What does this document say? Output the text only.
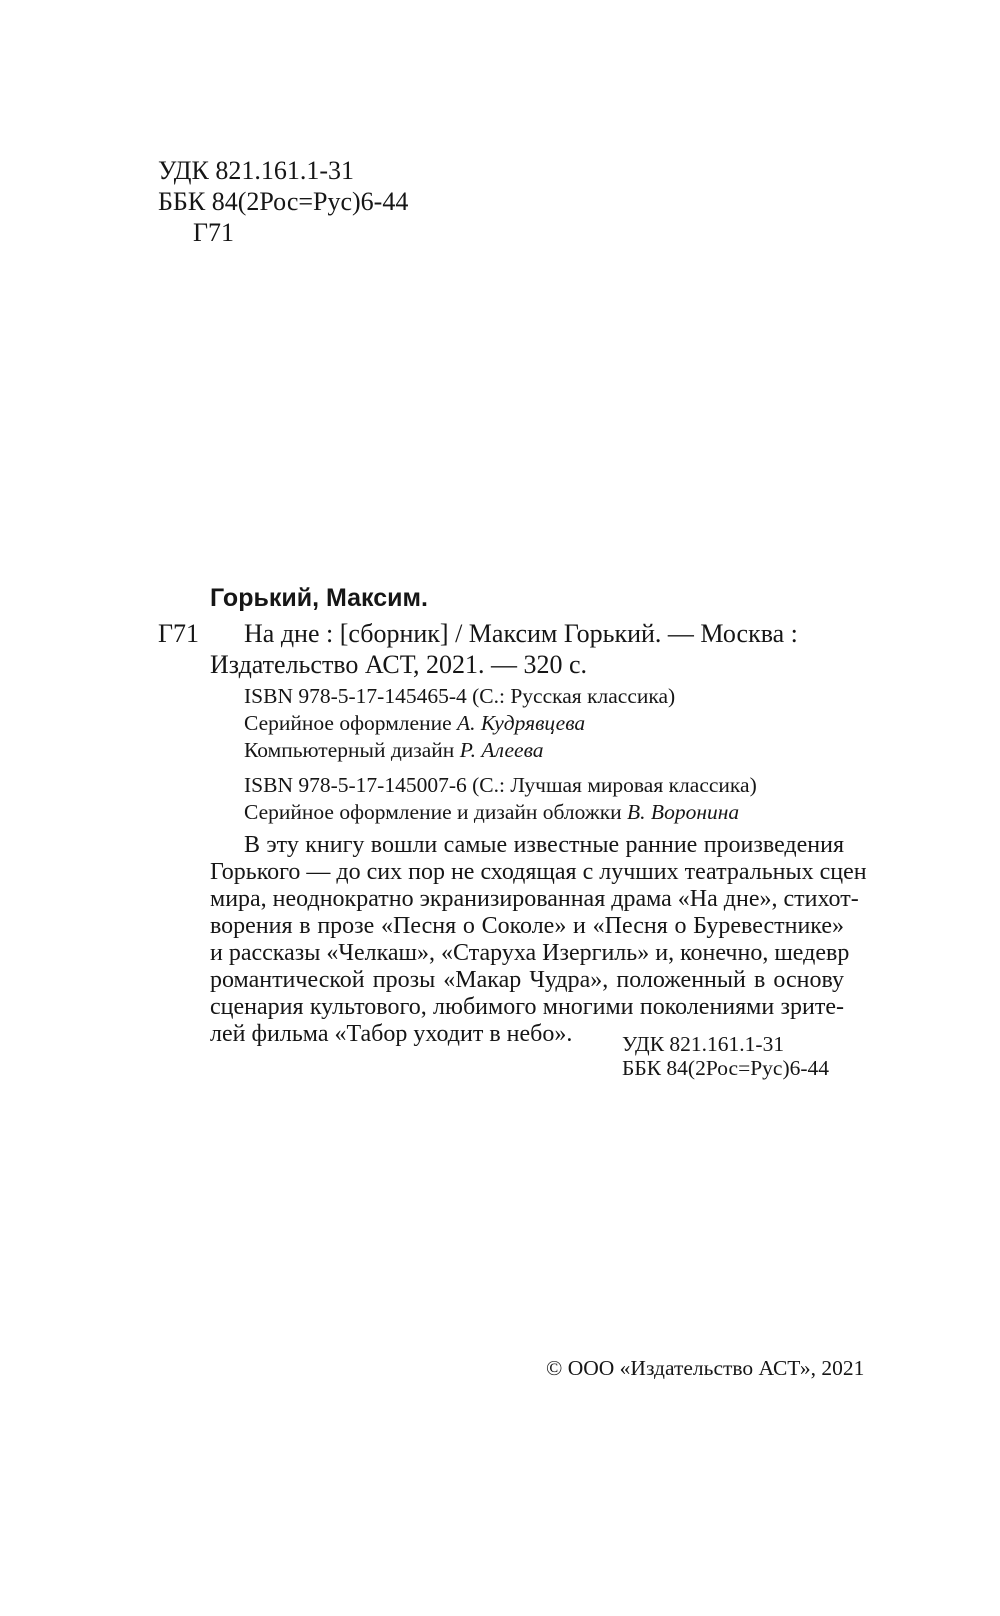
УДК 821.161.1-31
ББК 84(2Рос=Рус)6-44
Г71
Горький, Максим.
Г71 На дне : [сборник] / Максим Горький. — Москва :
Издательство АСТ, 2021. — 320 с.
ISBN 978-5-17-145465-4 (С.: Русская классика)
Серийное оформление А. Кудрявцева
Компьютерный дизайн Р. Алеева
ISBN 978-5-17-145007-6 (С.: Лучшая мировая классика)
Серийное оформление и дизайн обложки В. Воронина

В эту книгу вошли самые известные ранние произведения

Горького — до сих пор не сходящая с лучших театральных сцен

мира, неоднократно экранизированная драма «На дне», стихот-

ворения в прозе «Песня о Соколе» и «Песня о Буревестнике»

и рассказы «Челкаш», «Старуха Изергиль» и, конечно, шедевр

романтической прозы «Макар Чудра», положенный в основу

сценария культового, любимого многими поколениями зрите-

лей фильма «Табор уходит в небо».	УДК 821.161.1-31
ББК 84(2Рос=Рус)6-44
© ООО «Издательство АСТ», 2021
